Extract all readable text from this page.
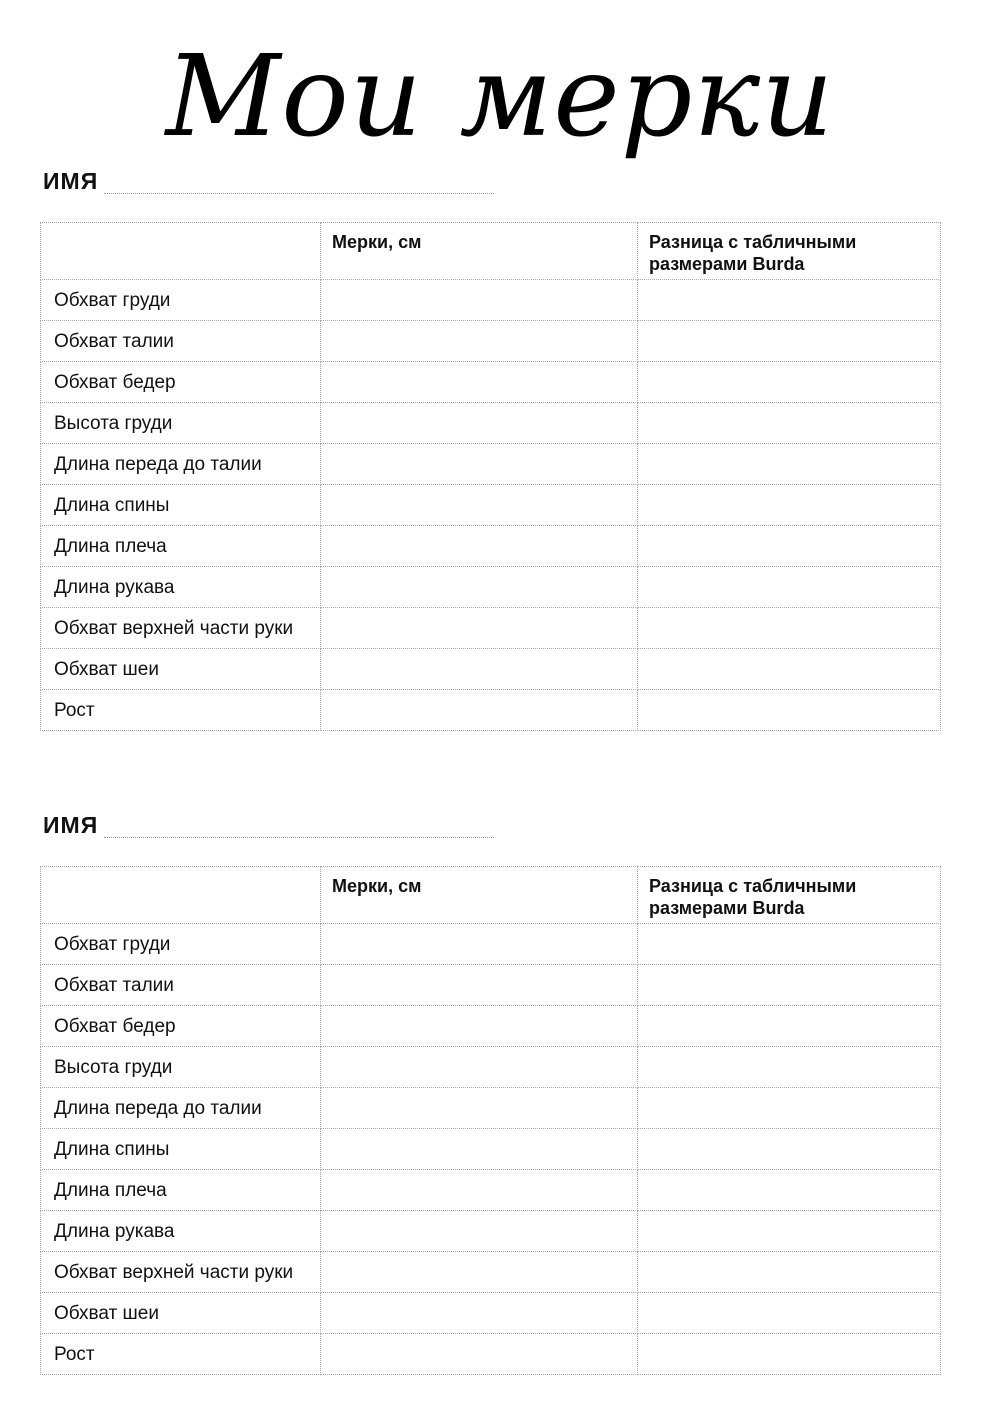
Мои мерки
ИМЯ
	Мерки, см	Разница с табличными размерами Burda
Обхват груди		
Обхват талии		
Обхват бедер		
Высота груди		
Длина переда до талии		
Длина спины		
Длина плеча		
Длина рукава		
Обхват верхней части руки		
Обхват шеи		
Рост		
ИМЯ
	Мерки, см	Разница с табличными размерами Burda
Обхват груди		
Обхват талии		
Обхват бедер		
Высота груди		
Длина переда до талии		
Длина спины		
Длина плеча		
Длина рукава		
Обхват верхней части руки		
Обхват шеи		
Рост		
